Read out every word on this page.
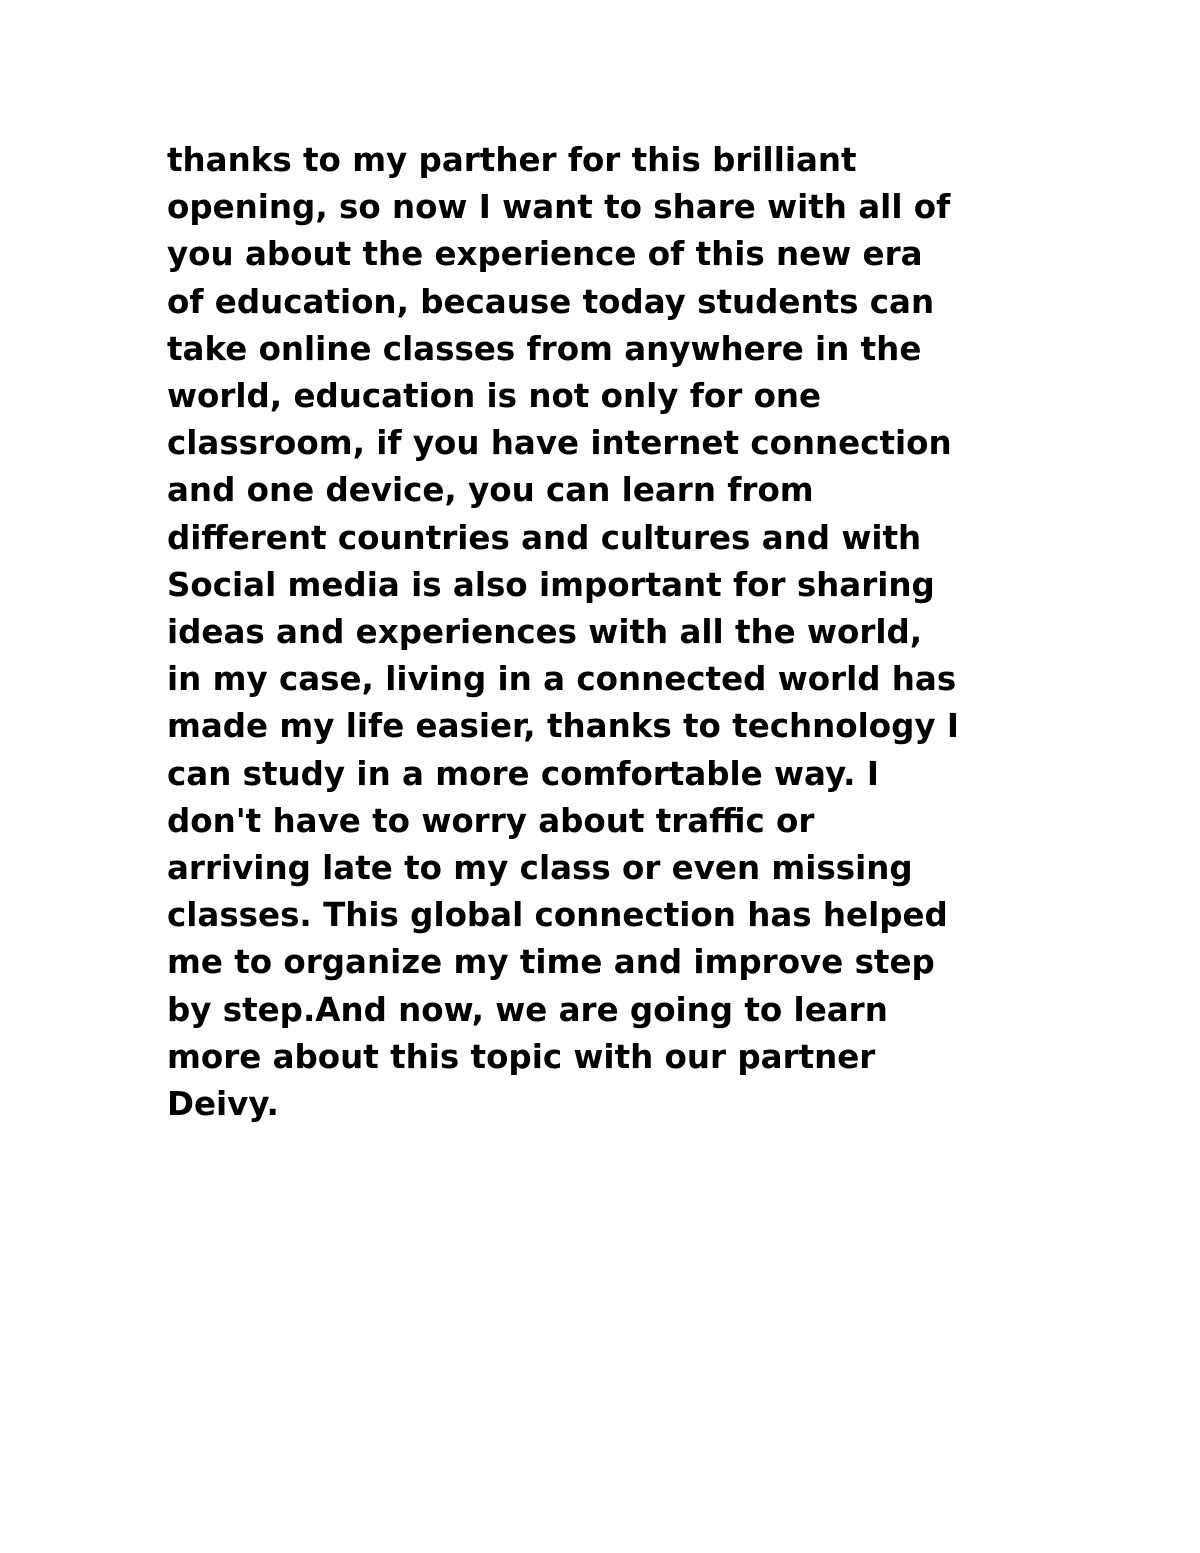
thanks to my parther for this brilliant
opening, so now I want to share with all of
you about the experience of this new era
of education, because today students can
take online classes from anywhere in the
world, education is not only for one
classroom, if you have internet connection
and one device, you can learn from
different countries and cultures and with
Social media is also important for sharing
ideas and experiences with all the world,
in my case, living in a connected world has
made my life easier, thanks to technology I
can study in a more comfortable way. I
don't have to worry about traffic or
arriving late to my class or even missing
classes. This global connection has helped
me to organize my time and improve step
by step.And now, we are going to learn
more about this topic with our partner
Deivy.
